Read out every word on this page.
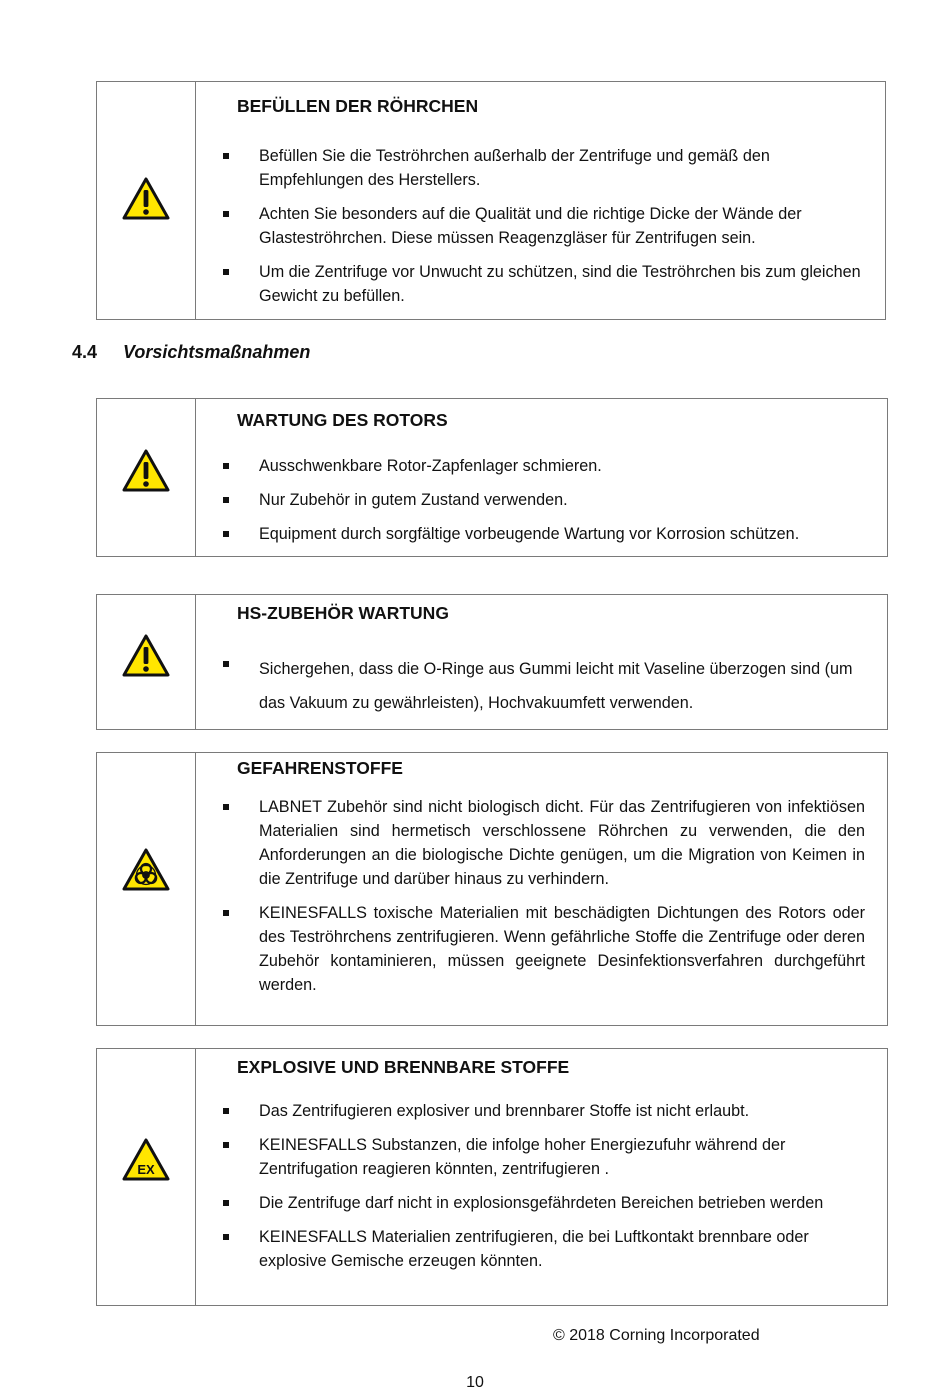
BEFÜLLEN DER RÖHRCHEN
Befüllen Sie die Teströhrchen außerhalb der Zentrifuge und gemäß den Empfehlungen des Herstellers.
Achten Sie besonders auf die Qualität und die richtige Dicke der Wände der Glasteströhrchen. Diese müssen Reagenzgläser für Zentrifugen sein.
Um die Zentrifuge vor Unwucht zu schützen, sind die Teströhrchen bis zum gleichen Gewicht zu befüllen.
4.4 Vorsichtsmaßnahmen
WARTUNG DES ROTORS
Ausschwenkbare Rotor-Zapfenlager schmieren.
Nur Zubehör in gutem Zustand verwenden.
Equipment durch sorgfältige vorbeugende Wartung vor Korrosion schützen.
HS-ZUBEHÖR WARTUNG
Sichergehen, dass die O-Ringe aus Gummi leicht mit Vaseline überzogen sind (um das Vakuum zu gewährleisten), Hochvakuumfett verwenden.
GEFAHRENSTOFFE
LABNET Zubehör sind nicht biologisch dicht. Für das Zentrifugieren von infektiösen Materialien sind hermetisch verschlossene Röhrchen zu verwenden, die den Anforderungen an die biologische Dichte genügen, um die Migration von Keimen in die Zentrifuge und darüber hinaus zu verhindern.
KEINESFALLS toxische Materialien mit beschädigten Dichtungen des Rotors oder des Teströhrchens zentrifugieren. Wenn gefährliche Stoffe die Zentrifuge oder deren Zubehör kontaminieren, müssen geeignete Desinfektionsverfahren durchgeführt werden.
EX
EXPLOSIVE UND BRENNBARE STOFFE
Das Zentrifugieren explosiver und brennbarer Stoffe ist nicht erlaubt.
KEINESFALLS Substanzen, die infolge hoher Energiezufuhr während der Zentrifugation reagieren könnten, zentrifugieren .
Die Zentrifuge darf nicht in explosionsgefährdeten Bereichen betrieben werden
KEINESFALLS Materialien zentrifugieren, die bei Luftkontakt brennbare oder explosive Gemische erzeugen könnten.
© 2018 Corning Incorporated
10
